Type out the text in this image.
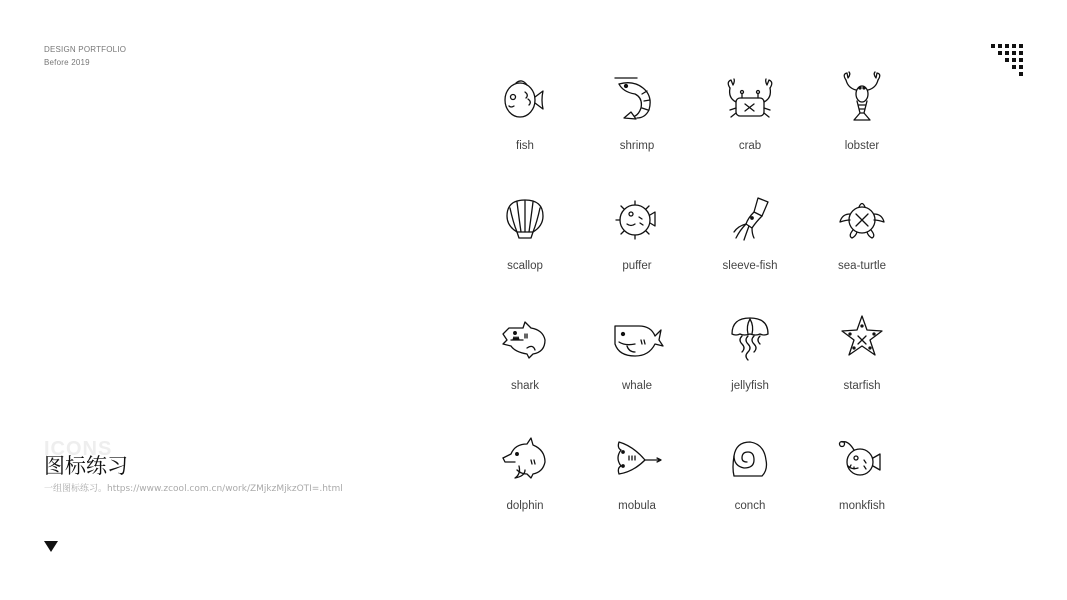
DESIGN PORTFOLIO
Before 2019
ICONS
图标练习
一组图标练习。https://www.zcool.com.cn/work/ZMjkzMjkzOTI=.html
fish	shrimp	crab	lobster
scallop	puffer	sleeve-fish	sea-turtle
shark	whale	jellyfish	starfish
dolphin	mobula	conch	monkfish
